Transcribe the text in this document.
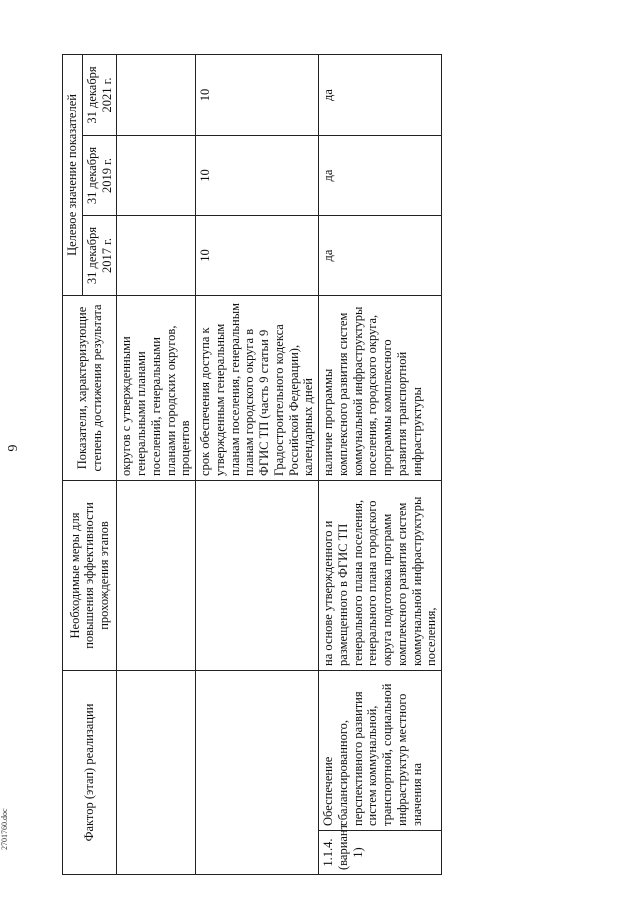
6
Фактор (этап) реализации		Необходимые меры для повышения эффективности прохождения этапов	Показатели, характеризующие степень достижения результата	Целевое значение показателей		
				31 декабря 2017 г.	31 декабря 2019 г.	31 декабря 2021 г.
			округов с утвержденными генеральными планами поселений, генеральными планами городских округов, процентов			
			срок обеспечения доступа к утвержденным генеральным планам поселения, генеральным планам городского округа в ФГИС ТП (часть 9 статьи 9 Градостроительного кодекса Российской Федерации), календарных дней	10	10	10
1.1.4. (вариант 1)	Обеспечение сбалансированного, перспективного развития систем коммунальной, транспортной, социальной инфраструктур местного значения на	на основе утвержденного и размещенного в ФГИС ТП генерального плана поселения, генерального плана городского округа подготовка программ комплексного развития систем коммунальной инфраструктуры поселения,	наличие программы комплексного развития систем коммунальной инфраструктуры поселения, городского округа, программы комплексного развития транспортной инфраструктуры	да	да	да
2701760.doc
